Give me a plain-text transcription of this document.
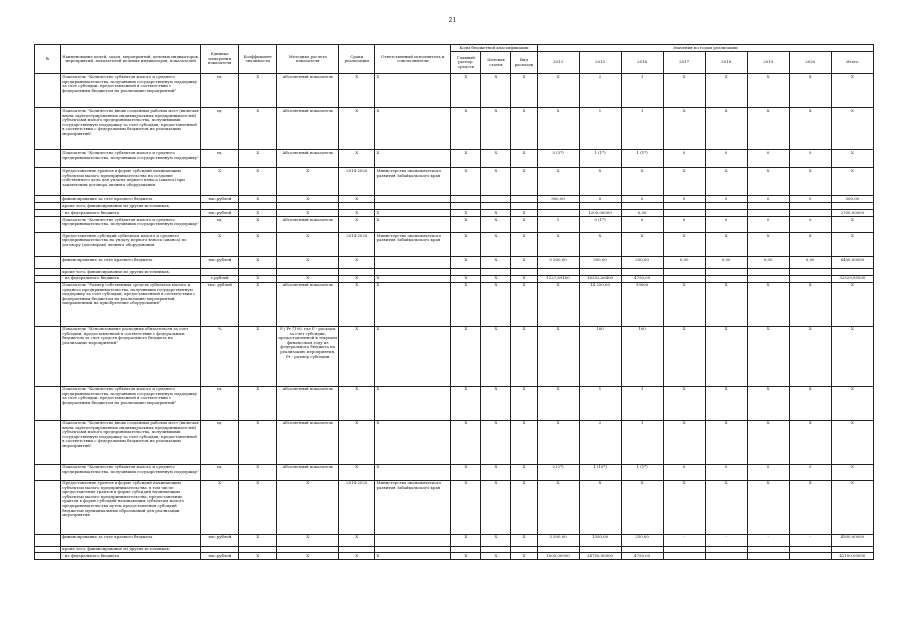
21
№	Наименование целей, задач, мероприятий, целевых индикаторов, мероприятий, показателей целевых индикаторов, показателей	Единица измерения показателя	Коэффициент значимости	Методика расчета показателя	Сроки реализации	Ответственный исполнитель и соисполнители	Коды бюджетной классификации			Значения по годам реализации							
							Главный распор. средств	Целевая статья	Вид расходов	2013	2015	2016	2017	2018	2019	2020	Итого
	Показатель "Количество субъектов малого и среднего предпринимательства, получивших государственную поддержку за счет субсидии, предоставленной в соответствии с федеральным бюджетом на реализацию мероприятий"	ед.	X	Абсолютный показатель	X	X	X	X	X	X	2	1	X	X	X	X	X
	Показатель "Количество вновь созданных рабочих мест (включая вновь зарегистрированных индивидуальных предпринимателей) субъектами малого предпринимательства, получившими государственную поддержку за счет субсидии, предоставленной в соответствии с федеральным бюджетом на реализацию мероприятий"	ед.	X	Абсолютный показатель	X	X	X	X	X	X	1	1	X	X	X	X	X
	Показатель "Количество субъектов малого и среднего предпринимательства, получивших государственную поддержку"	ед.	X	Абсолютный показатель	X	X	X	X	X	3 (3*)	1 (1*)	1 (1*)	0	0	0	0	X
	Предоставление грантов в форме субсидий начинающим субъектам малого предпринимательства на создание собственного дела для уплаты первого взноса (аванса) при заключении договора лизинга оборудования	X	X	X	2014-2020	Министерство экономического развития Забайкальского края	X	X	X	X	X	X	X	X	X	X	X
	финансирование за счет краевого бюджета	тыс.рублей	X	X	X					300,00	0	0	0	0	0	0	300,00
	кроме того, финансирование из других источников,																
	- из федерального бюджета	тыс.рублей	X	X	X	X	X	X	X		1200,00000	0,00					2700,00000
	Показатель "Количество субъектов малого и среднего предпринимательства, получивших государственную поддержку"	ед.	X	Абсолютный показатель	X	X	X	X	X	1	0 (1*)	0	0	0	0	0	X
	Предоставление субсидий субъектам малого и среднего предпринимательства на уплату первого взноса (аванса) по договору (договорам) лизинга оборудования	X	X	X	2014-2020	Министерство экономического развития Забайкальского края	X	X	X	X	X	X	X	X	X	X	X
	финансирование за счет краевого бюджета	тыс.рублей	X	X	X		X	X	X	5 500,00	500,00	250,00	0,00	0,00	0,00	0,00	6450,00000
	кроме того, финансирование из других источников,																
	- из федерального бюджета	т.рублей	X	X	X	X	X	X	X	1227,69100	16352,26400	4750,00					32329,95500
	Показатель "Размер собственных средств субъектов малого и среднего предпринимательства, получивших государственную поддержку за счет субсидии, предоставленной в соответствии с федеральным бюджетом на реализацию мероприятий, направленный на приобретение оборудования"	тыс. рублей	X	Абсолютный показатель	X	X	X	X	X	X	14 250,00	19000	X	X	X	X	X
	Показатель "Использование расходных обязательств за счет субсидии, предоставленной в соответствии с федеральным бюджетом за счет средств федерального бюджета на реализацию мероприятий"	%	X	P / Pr *100, где P - расходы за счет субсидии, предоставленной в текущем финансовом году из федерального бюджета на реализацию мероприятия, Pr - размер субсидии	X	X	X	X	X	X	100	100	X	X	X	X	X
	Показатель "Количество субъектов малого и среднего предпринимательства, получивших государственную поддержку за счет субсидии, предоставленной в соответствии с федеральным бюджетом на реализацию мероприятий"	ед.	X	Абсолютный показатель	X	X	X	X	X	X	1	1	X	X	X	X	X
	Показатель "Количество вновь созданных рабочих мест (включая вновь зарегистрированных индивидуальных предпринимателей) субъектами малого предпринимательства, получившими государственную поддержку за счет субсидии, предоставленной в соответствии с федеральным бюджетом на реализацию мероприятий"	ед.	X	Абсолютный показатель	X	X	X	X	X	X	2	1	X	X	X	X	X
	Показатель "Количество субъектов малого и среднего предпринимательства, получивших государственную поддержку"	ед.	X	Абсолютный показатель	X	X	X	X	X	2 (2*)	1 (10*)	1 (1*)	0	0	0	0	X
	Предоставление грантов в форме субсидий начинающим субъектам малого предпринимательства, в том числе: предоставление грантов в форме субсидий начинающим субъектам малого предпринимательства; предоставление грантов в форме субсидий начинающим субъектам малого предпринимательства путем предоставления субсидий бюджетам муниципальных образований для реализации мероприятия	X	X	X	2014-2020	Министерство экономического развития Забайкальского края	X	X	X	X	X	X	X	X	X	X	X
	финансирование за счет краевого бюджета	тыс.рублей	X	X	X		X	X	X	3 500,00	1550,00	250,00	-	-	-	-	4500,00000
	кроме того, финансирование из других источников:																
	- из федерального бюджета	тыс.рублей	X	X	X	X	X	X	X	1000,00000	34750,00000	4750,00					42100,00000
